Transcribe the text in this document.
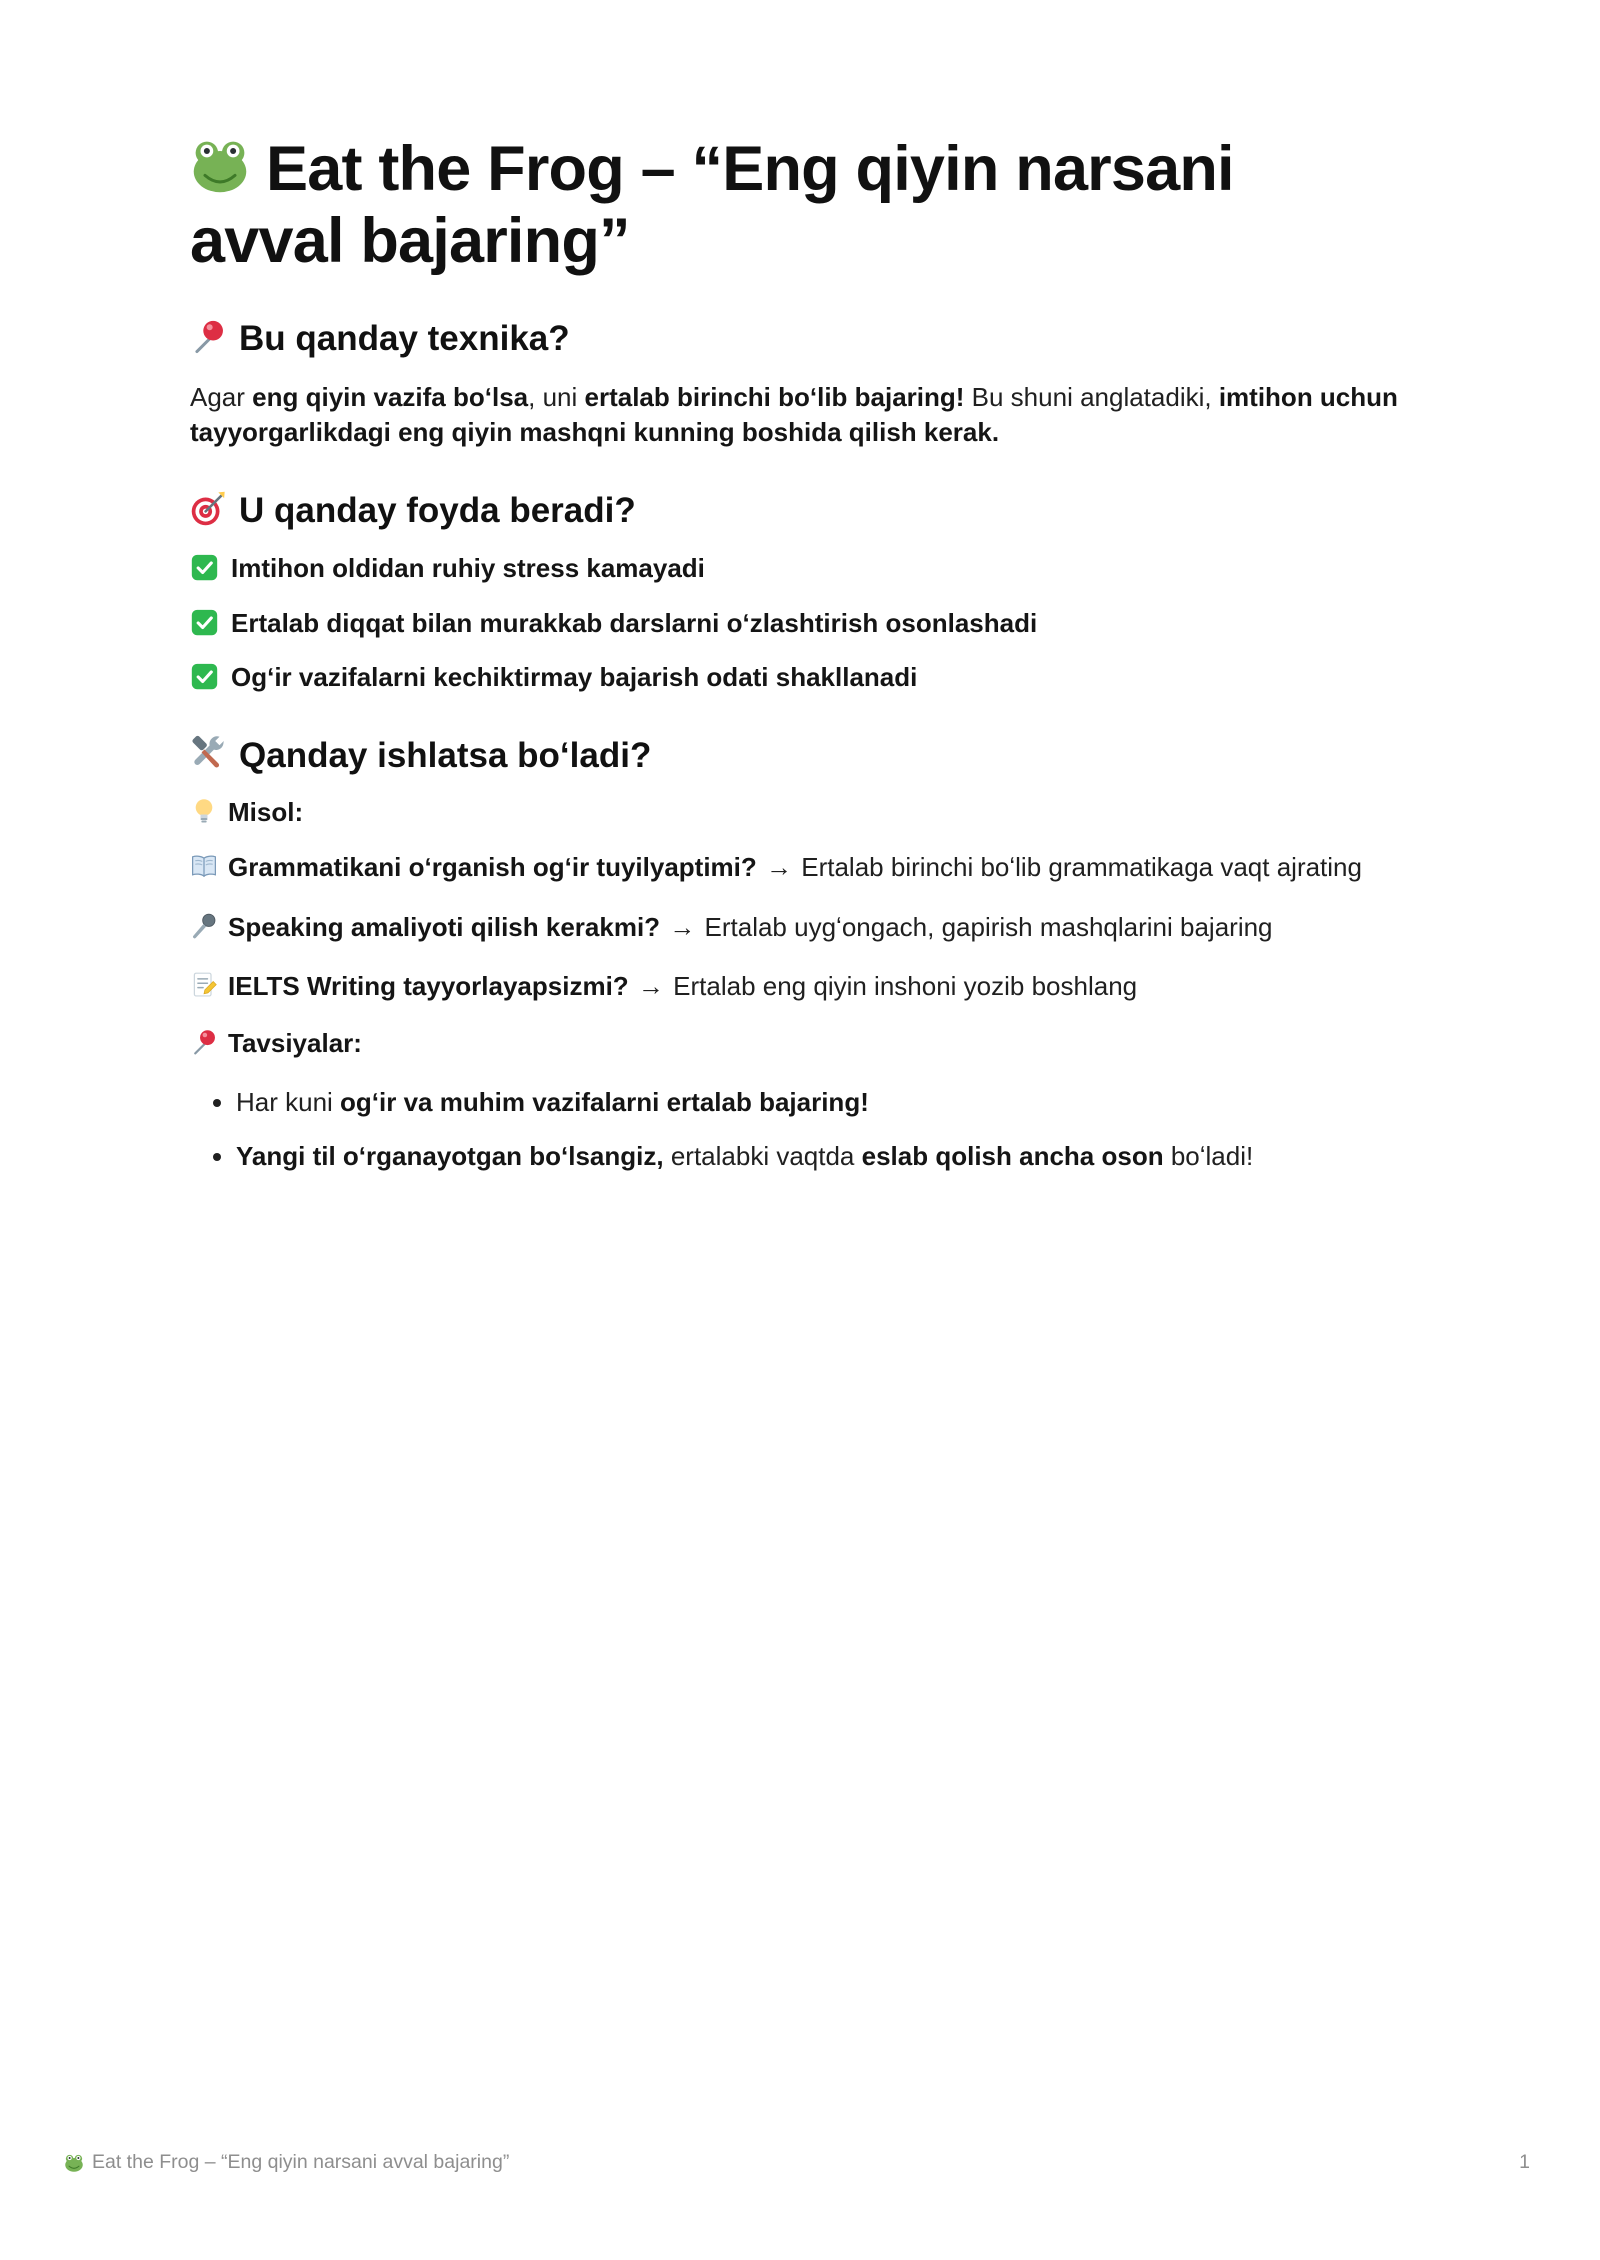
Eat the Frog – “Eng qiyin narsani avval bajaring”
Bu qanday texnika?

Agar eng qiyin vazifa boʻlsa, uni ertalab birinchi boʻlib bajaring! Bu shuni anglatadiki, imtihon uchun tayyorgarlikdagi eng qiyin mashqni kunning boshida qilish kerak.

U qanday foyda beradi?

Imtihon oldidan ruhiy stress kamayadi

Ertalab diqqat bilan murakkab darslarni oʻzlashtirish osonlashadi

Ogʻir vazifalarni kechiktirmay bajarish odati shakllanadi

Qanday ishlatsa boʻladi?

Misol:

Grammatikani oʻrganish ogʻir tuyilyaptimi? → Ertalab birinchi boʻlib grammatikaga vaqt ajrating

Speaking amaliyoti qilish kerakmi? → Ertalab uygʻongach, gapirish mashqlarini bajaring

IELTS Writing tayyorlayapsizmi? → Ertalab eng qiyin inshoni yozib boshlang

Tavsiyalar:

• Har kuni ogʻir va muhim vazifalarni ertalab bajaring!
• Yangi til oʻrganayotgan boʻlsangiz, ertalabki vaqtda eslab qolish ancha oson boʻladi!
Eat the Frog – “Eng qiyin narsani avval bajaring”	1
